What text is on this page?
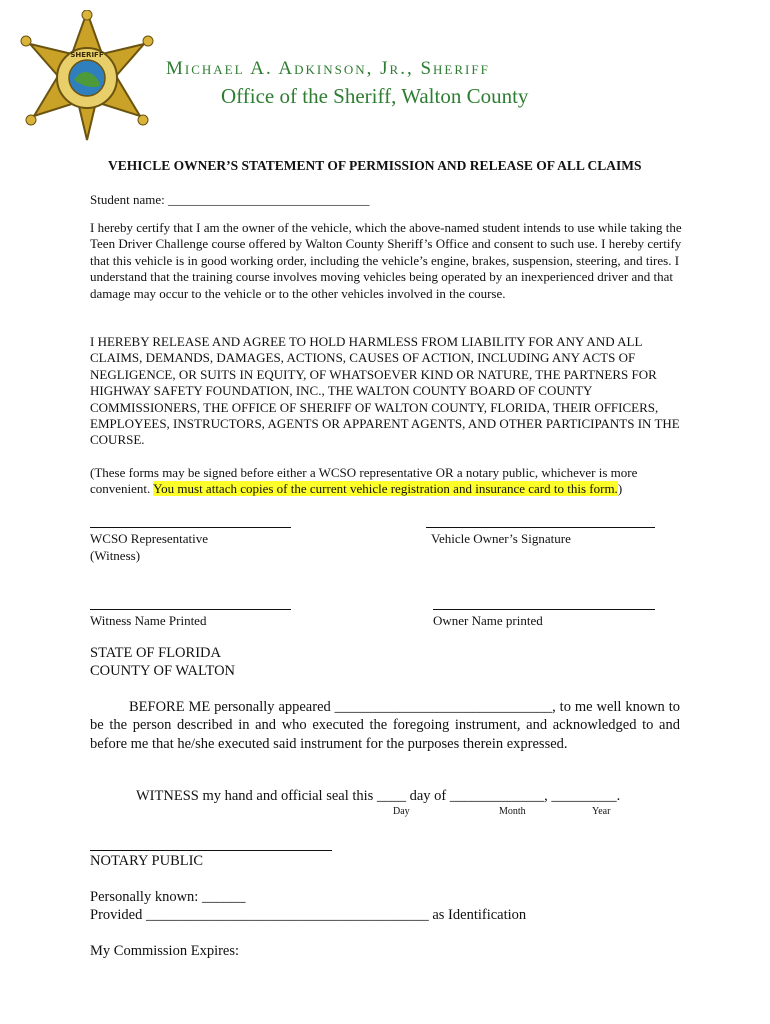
SHERIFF
Michael A. Adkinson, Jr., Sheriff
Office of the Sheriff, Walton County
VEHICLE OWNER’S STATEMENT OF PERMISSION AND RELEASE OF ALL CLAIMS
Student name: _______________________________
I hereby certify that I am the owner of the vehicle, which the above-named student intends to use while taking the Teen Driver Challenge course offered by Walton County Sheriff’s Office and consent to such use. I hereby certify that this vehicle is in good working order, including the vehicle’s engine, brakes, suspension, steering, and tires. I understand that the training course involves moving vehicles being operated by an inexperienced driver and that damage may occur to the vehicle or to the other vehicles involved in the course.
I HEREBY RELEASE AND AGREE TO HOLD HARMLESS FROM LIABILITY FOR ANY AND ALL CLAIMS, DEMANDS, DAMAGES, ACTIONS, CAUSES OF ACTION, INCLUDING ANY ACTS OF NEGLIGENCE, OR SUITS IN EQUITY, OF WHATSOEVER KIND OR NATURE, THE PARTNERS FOR HIGHWAY SAFETY FOUNDATION, INC., THE WALTON COUNTY BOARD OF COUNTY COMMISSIONERS, THE OFFICE OF SHERIFF OF WALTON COUNTY, FLORIDA, THEIR OFFICERS, EMPLOYEES, INSTRUCTORS, AGENTS OR APPARENT AGENTS, AND OTHER PARTICIPANTS IN THE COURSE.
(These forms may be signed before either a WCSO representative OR a notary public, whichever is more convenient. You must attach copies of the current vehicle registration and insurance card to this form.)
WCSO Representative
(Witness)
Vehicle Owner’s Signature
Witness Name Printed	Owner Name printed
STATE OF FLORIDA
COUNTY OF WALTON
BEFORE ME personally appeared ______________________________, to me well known to be the person described in and who executed the foregoing instrument, and acknowledged to and before me that he/she executed said instrument for the purposes therein expressed.
WITNESS my hand and official seal this ____ day of _____________, _________.
Day	Month	Year
NOTARY PUBLIC
Personally known: ______
Provided _______________________________________ as Identification
My Commission Expires:
